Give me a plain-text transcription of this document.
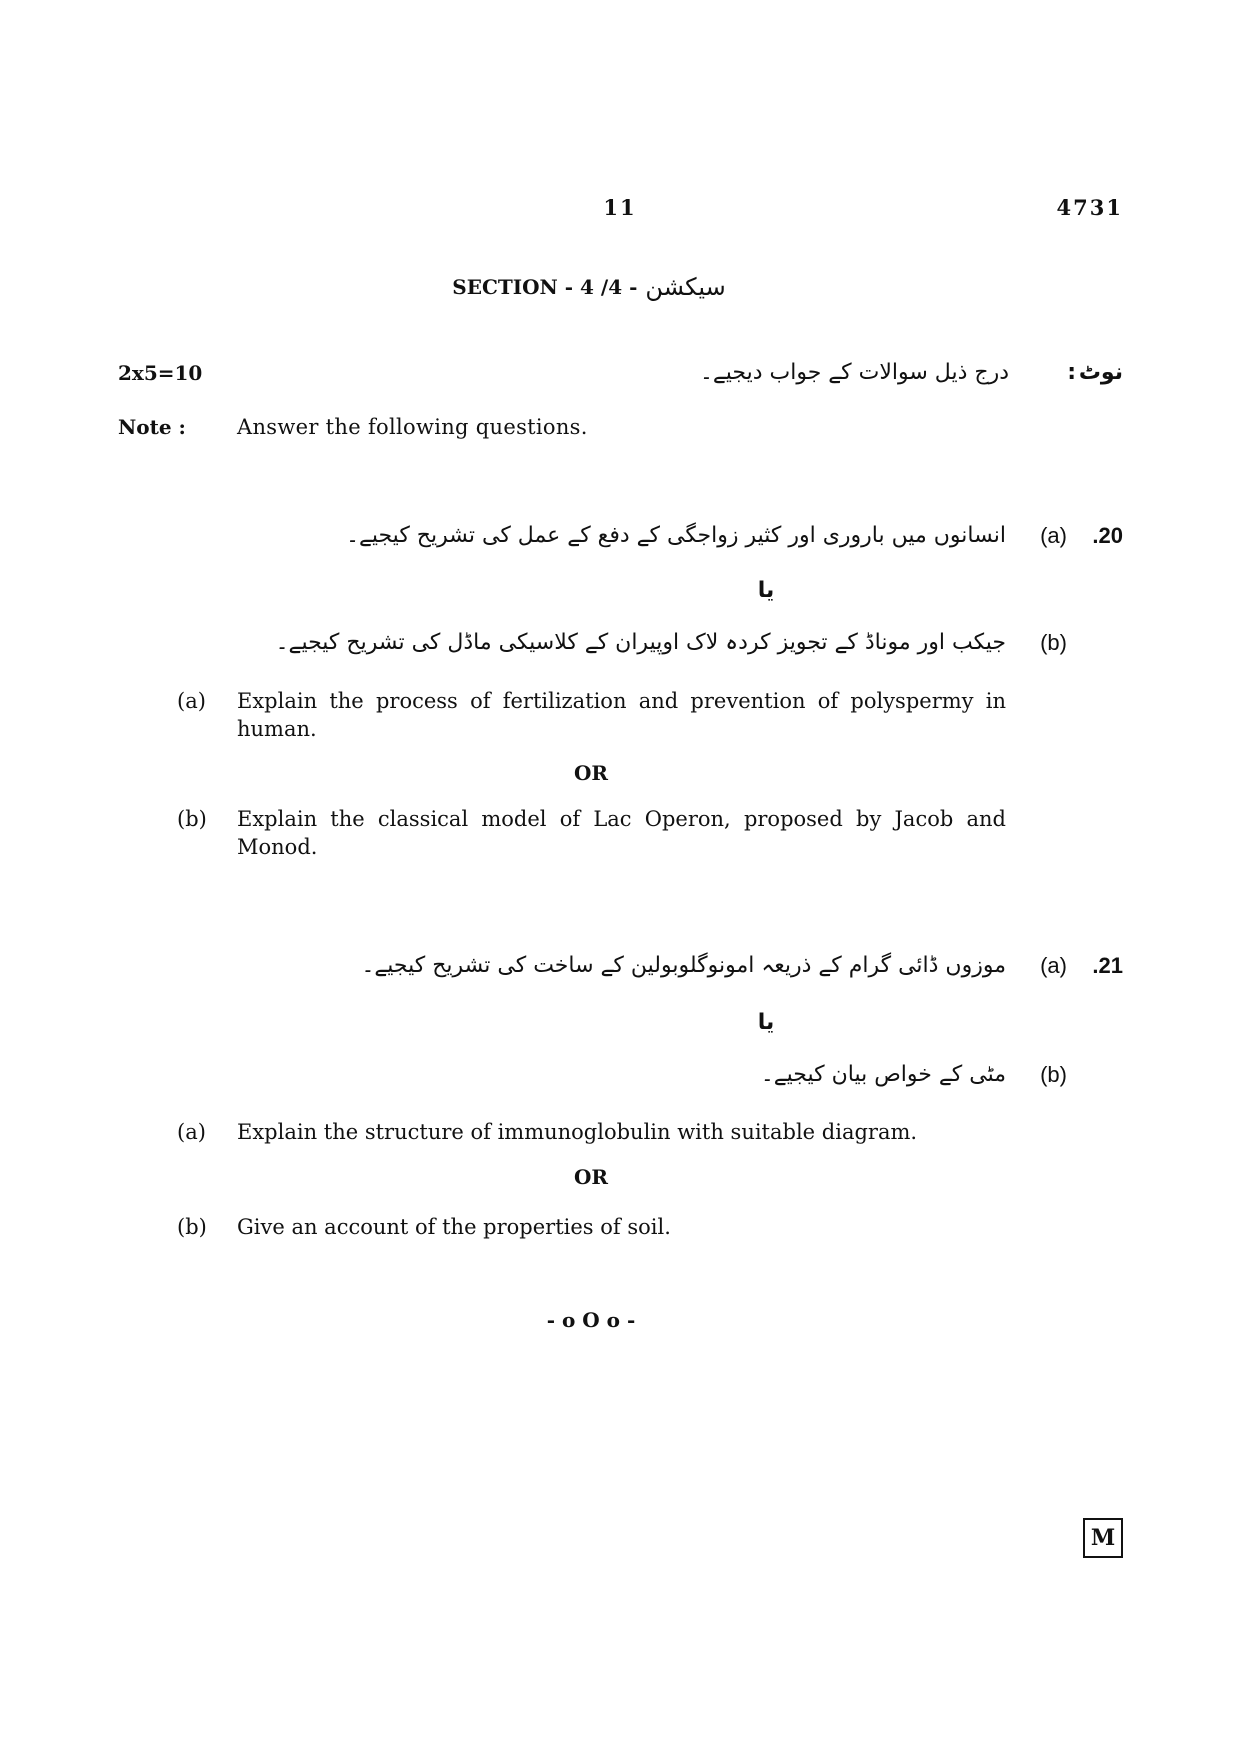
11	4731
SECTION - 4 /4 - سیکشن
2x5=10	نوٹ
:
درج ذیل سوالات کے جواب دیجیے۔
Note : Answer the following questions.
.20
(a)
انسانوں میں باروری اور کثیر زواجگی کے دفع کے عمل کی تشریح کیجیے۔
یا
(b)
جیکب اور موناڈ کے تجویز کردہ لاک اوپیران کے کلاسیکی ماڈل کی تشریح کیجیے۔
(a) Explain the process of fertilization and prevention of polyspermy in human.
OR
(b) Explain the classical model of Lac Operon, proposed by Jacob and Monod.
.21
(a)
موزوں ڈائی گرام کے ذریعہ امونوگلوبولین کے ساخت کی تشریح کیجیے۔
یا
(b)
مٹی کے خواص بیان کیجیے۔
(a) Explain the structure of immunoglobulin with suitable diagram.
OR
(b) Give an account of the properties of soil.
- o O o -
M
